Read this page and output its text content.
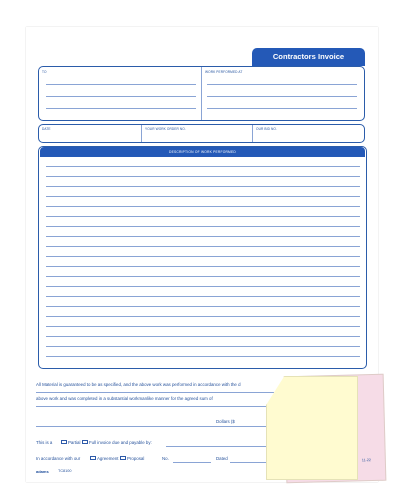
Contractors Invoice
TO	WORK PERFORMED AT
DATE	YOUR WORK ORDER NO.	OUR BID NO.
DESCRIPTION OF WORK PERFORMED
All Material is guaranteed to be as specified, and the above work was performed in accordance with the d
above work and was completed in a substantial workmanlike manner for the agreed sum of
Dollars ($
This is a	Partial Full invoice due and payable by:
In accordance with our	Agreement Proposal	No.	Dated
adams TC8100
11-22
